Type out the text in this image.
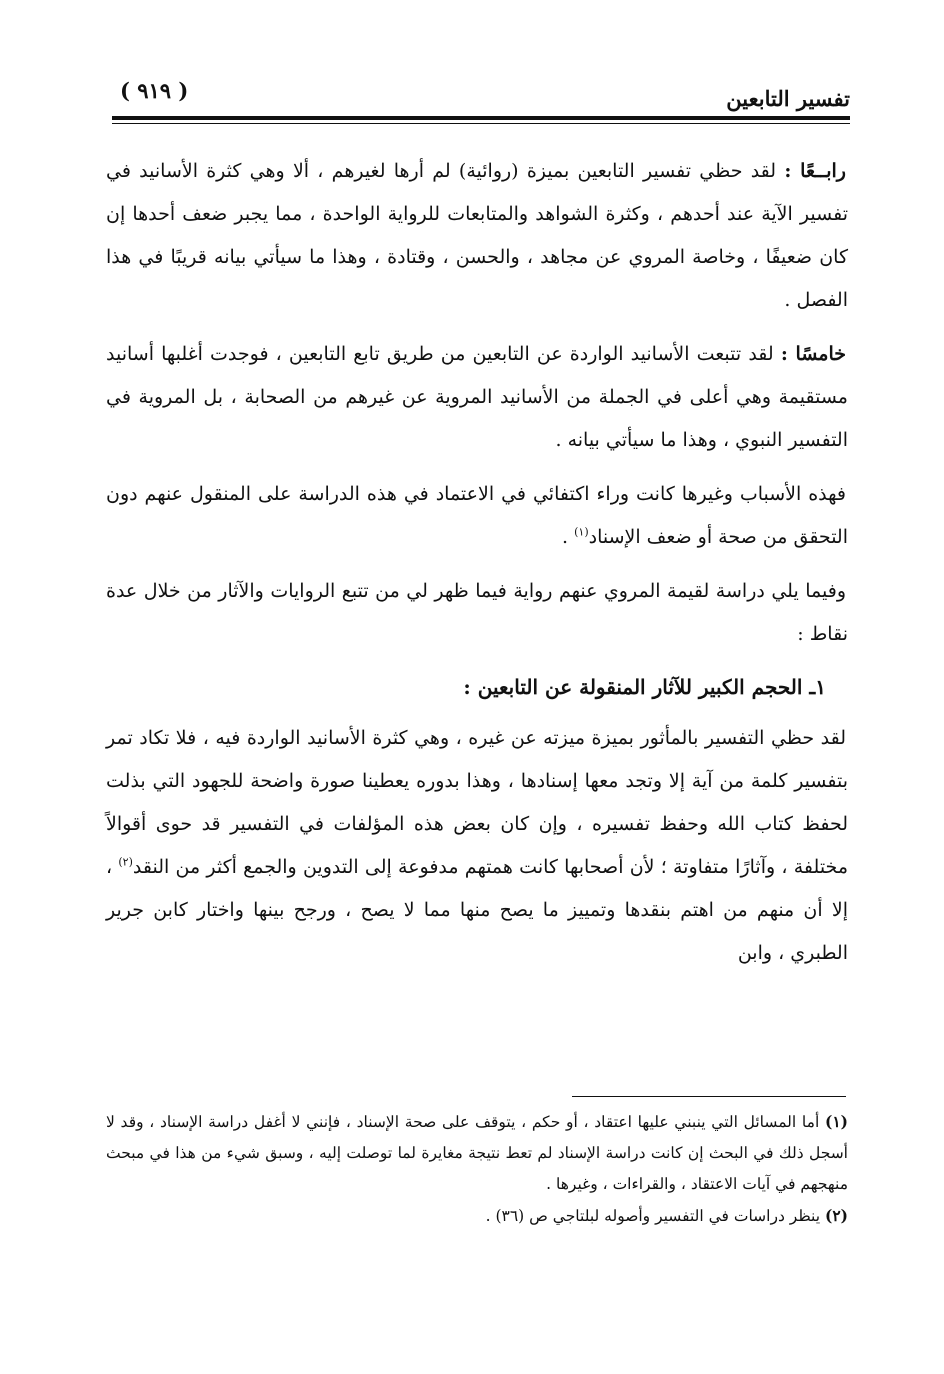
( ٩١٩ )	تفسير التابعين

رابــعًا : لقد حظي تفسير التابعين بميزة (روائية) لم أرها لغيرهم ، ألا وهي كثرة الأسانيد في تفسير الآية عند أحدهم ، وكثرة الشواهد والمتابعات للرواية الواحدة ، مما يجبر ضعف أحدها إن كان ضعيفًا ، وخاصة المروي عن مجاهد ، والحسن ، وقتادة ، وهذا ما سيأتي بيانه قريبًا في هذا الفصل .

خامسًا : لقد تتبعت الأسانيد الواردة عن التابعين من طريق تابع التابعين ، فوجدت أغلبها أسانيد مستقيمة وهي أعلى في الجملة من الأسانيد المروية عن غيرهم من الصحابة ، بل المروية في التفسير النبوي ، وهذا ما سيأتي بيانه .

فهذه الأسباب وغيرها كانت وراء اكتفائي في الاعتماد في هذه الدراسة على المنقول عنهم دون التحقق من صحة أو ضعف الإسناد$^{(١)}$ .

وفيما يلي دراسة لقيمة المروي عنهم رواية فيما ظهر لي من تتبع الروايات والآثار من خلال عدة نقاط :

١ـ الحجم الكبير للآثار المنقولة عن التابعين :

لقد حظي التفسير بالمأثور بميزة ميزته عن غيره ، وهي كثرة الأسانيد الواردة فيه ، فلا تكاد تمر بتفسير كلمة من آية إلا وتجد معها إسنادها ، وهذا بدوره يعطينا صورة واضحة للجهود التي بذلت لحفظ كتاب الله وحفظ تفسيره ، وإن كان بعض هذه المؤلفات في التفسير قد حوى أقوالاً مختلفة ، وآثارًا متفاوتة ؛ لأن أصحابها كانت همتهم مدفوعة إلى التدوين والجمع أكثر من النقد$^{(٢)}$ ، إلا أن منهم من اهتم بنقدها وتمييز ما يصح منها مما لا يصح ، ورجح بينها واختار كابن جرير الطبري ، وابن

(١) أما المسائل التي ينبني عليها اعتقاد ، أو حكم ، يتوقف على صحة الإسناد ، فإنني لا أغفل دراسة الإسناد ، وقد لا أسجل ذلك في البحث إن كانت دراسة الإسناد لم تعط نتيجة مغايرة لما توصلت إليه ، وسبق شيء من هذا في مبحث منهجهم في آيات الاعتقاد ، والقراءات ، وغيرها .

(٢) ينظر دراسات في التفسير وأصوله لبلتاجي ص (٣٦) .
